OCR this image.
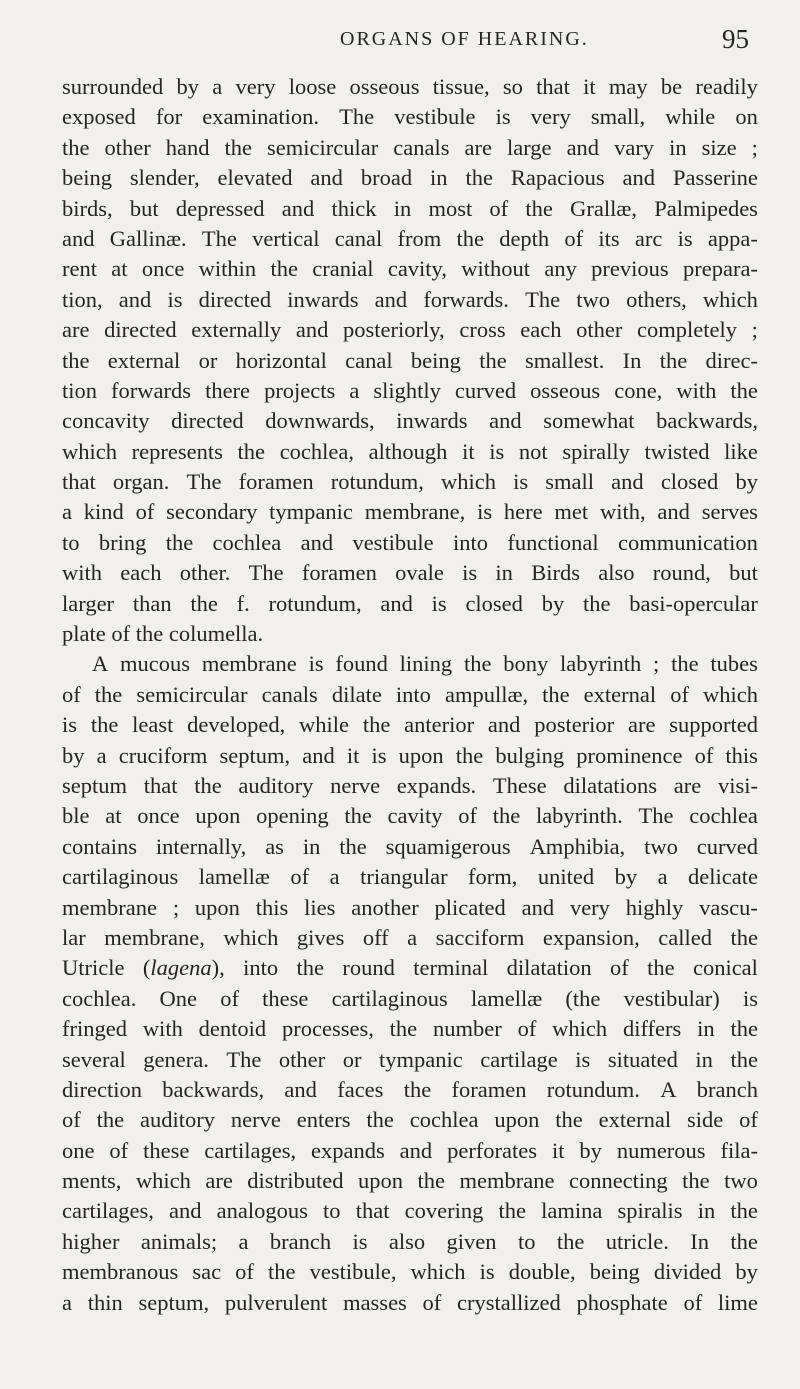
ORGANS OF HEARING.	95
surrounded by a very loose osseous tissue, so that it may be readily
exposed for examination. The vestibule is very small, while on
the other hand the semicircular canals are large and vary in size ;
being slender, elevated and broad in the Rapacious and Passerine
birds, but depressed and thick in most of the Grallæ, Palmipedes
and Gallinæ. The vertical canal from the depth of its arc is appa-
rent at once within the cranial cavity, without any previous prepara-
tion, and is directed inwards and forwards. The two others, which
are directed externally and posteriorly, cross each other completely ;
the external or horizontal canal being the smallest. In the direc-
tion forwards there projects a slightly curved osseous cone, with the
concavity directed downwards, inwards and somewhat backwards,
which represents the cochlea, although it is not spirally twisted like
that organ. The foramen rotundum, which is small and closed by
a kind of secondary tympanic membrane, is here met with, and serves
to bring the cochlea and vestibule into functional communication
with each other. The foramen ovale is in Birds also round, but
larger than the f. rotundum, and is closed by the basi-opercular
plate of the columella.
A mucous membrane is found lining the bony labyrinth ; the tubes
of the semicircular canals dilate into ampullæ, the external of which
is the least developed, while the anterior and posterior are supported
by a cruciform septum, and it is upon the bulging prominence of this
septum that the auditory nerve expands. These dilatations are visi-
ble at once upon opening the cavity of the labyrinth. The cochlea
contains internally, as in the squamigerous Amphibia, two curved
cartilaginous lamellæ of a triangular form, united by a delicate
membrane ; upon this lies another plicated and very highly vascu-
lar membrane, which gives off a sacciform expansion, called the
Utricle (lagena), into the round terminal dilatation of the conical
cochlea. One of these cartilaginous lamellæ (the vestibular) is
fringed with dentoid processes, the number of which differs in the
several genera. The other or tympanic cartilage is situated in the
direction backwards, and faces the foramen rotundum. A branch
of the auditory nerve enters the cochlea upon the external side of
one of these cartilages, expands and perforates it by numerous fila-
ments, which are distributed upon the membrane connecting the two
cartilages, and analogous to that covering the lamina spiralis in the
higher animals; a branch is also given to the utricle. In the
membranous sac of the vestibule, which is double, being divided by
a thin septum, pulverulent masses of crystallized phosphate of lime
